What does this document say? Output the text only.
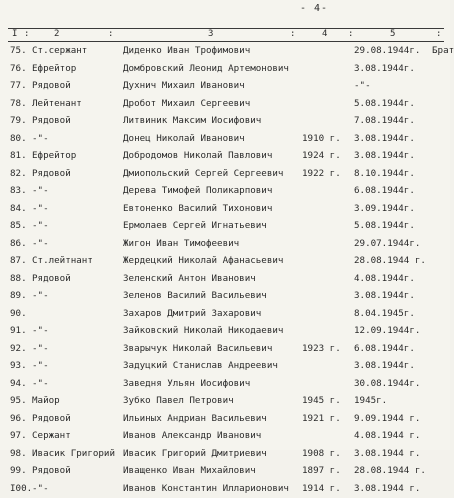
- 4-
I :	2	:	3	:	4 :	5	:
75. Ст.сержант	Диденко Иван Трофимович	29.08.1944г. Брат
76. Ефрейтор	Домбровский Леонид Артемонович	3.08.1944г.
77. Рядовой	Духнич Михаил Иванович	-"-
78. Лейтенант	Дробот Михаил Сергеевич	5.08.1944г.
79. Рядовой	Литвиник Максим Иосифович	7.08.1944г.
80. -"-	Донец Николай Иванович	1910 г. 3.08.1944г.
81. Ефрейтор	Добродомов Николай Павлович	1924 г. 3.08.1944г.
82. Рядовой	Дмиопольский Сергей Сергеевич 1922 г. 8.10.1944г.
83. -"-	Дерева Тимофей Поликарпович	6.08.1944г.
84. -"-	Евтоненко Василий Тихонович	3.09.1944г.
85. -"-	Ермолаев Сергей Игнатьевич	5.08.1944г.
86. -"-	Жигон Иван Тимофеевич	29.07.1944г.
87. Ст.лейтнант	Жердецкий Николай Афанасьевич	28.08.1944 г.
88. Рядовой	Зеленский Антон Иванович	4.08.1944г.
89. -"-	Зеленов Василий Васильевич	3.08.1944г.
90.	Захаров Дмитрий Захарович	8.04.1945г.
91. -"-	Зайковский Николай Никодаевич	12.09.1944г.
92. -"-	Зварычук Николай Васильевич	1923 г. 6.08.1944г.
93. -"-	Задуцкий Станислав Андреевич	3.08.1944г.
94. -"-	Заведня Ульян Иосифович	30.08.1944г.
95. Майор	Зубко Павел Петрович	1945 г. 1945г.
96. Рядовой	Ильиных Андриан Васильевич	1921 г. 9.09.1944 г.
97. Сержант	Иванов Александр Иванович	4.08.1944 г.
98. Ивасик Григорий Ивасик Григорий Дмитриевич	1908 г. 3.08.1944 г.
99. Рядовой	Иващенко Иван Михайлович	1897 г. 28.08.1944 г.
I00. -"-	Иванов Константин Илларионович 1914 г. 3.08.1944 г.
